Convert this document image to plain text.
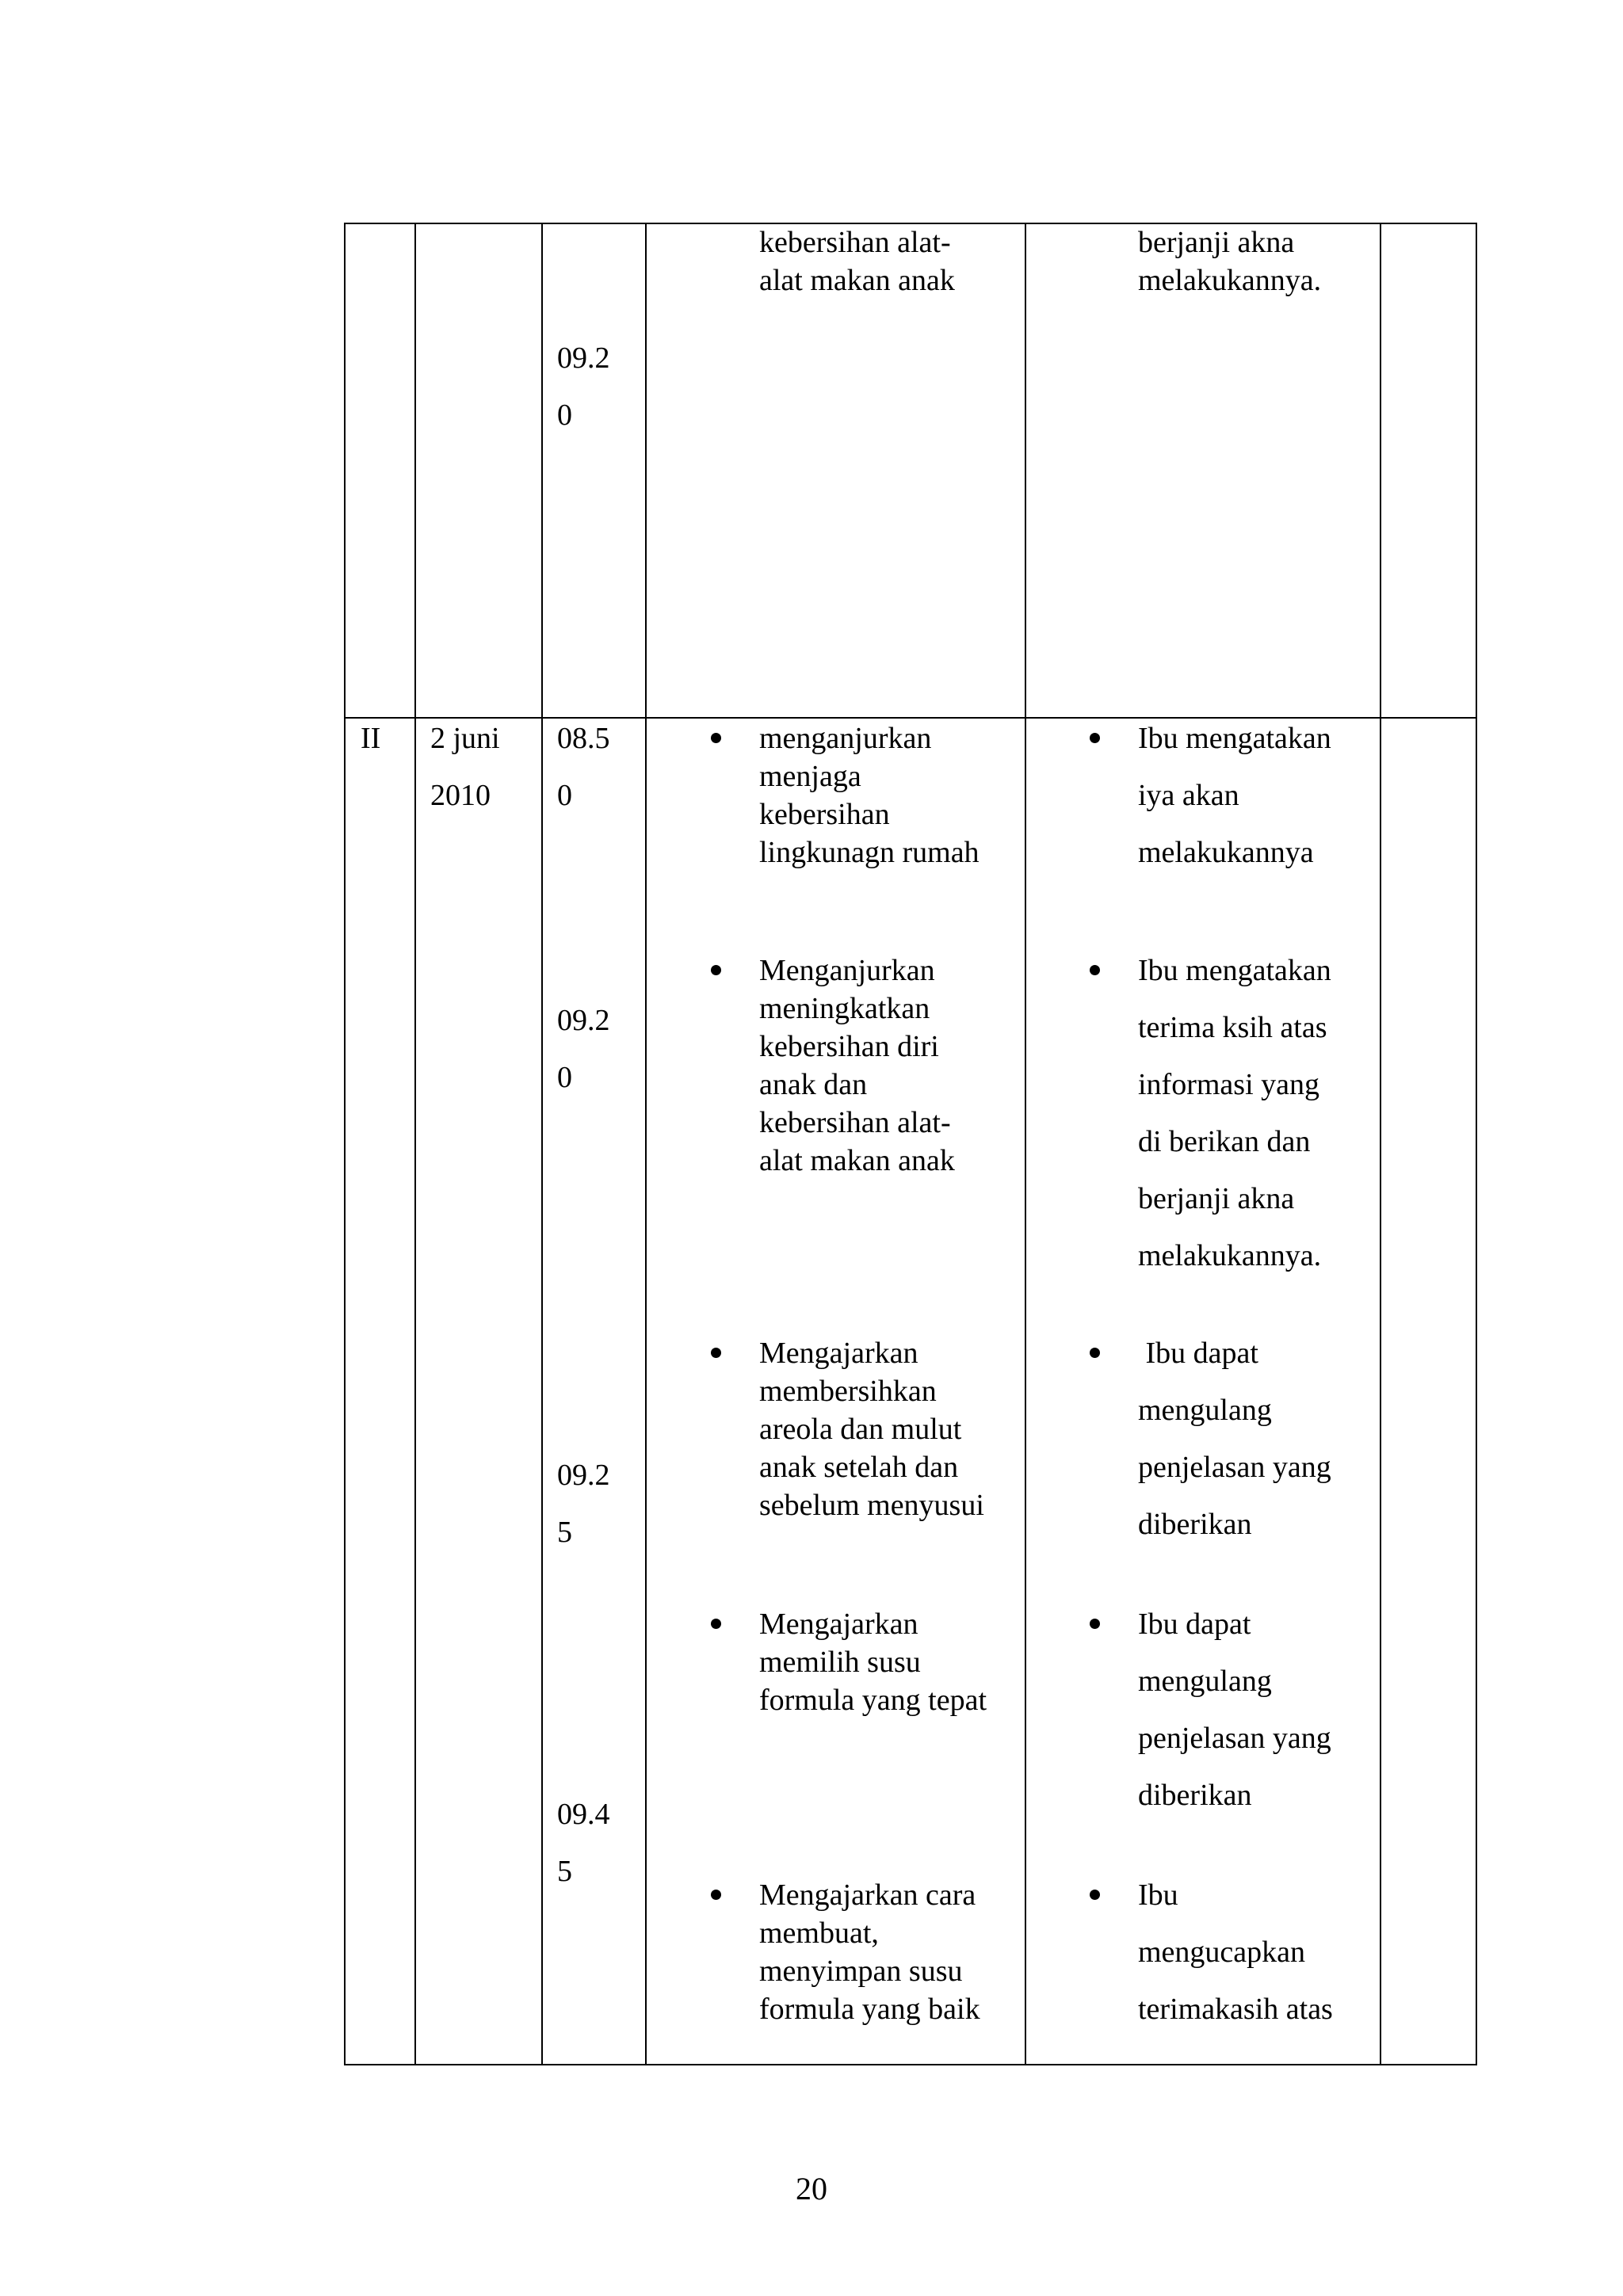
09.2
0
kebersihan alat-
alat makan anak
berjanji akna
melakukannya.
II 2 juni
2010
08.5
0
09.2
0
09.2
5
09.4
5
menganjurkan
menjaga
kebersihan
lingkunagn rumah
Menganjurkan
meningkatkan
kebersihan diri
anak dan
kebersihan alat-
alat makan anak
Mengajarkan
membersihkan
areola dan mulut
anak setelah dan
sebelum menyusui
Mengajarkan
memilih susu
formula yang tepat
Mengajarkan cara
membuat,
menyimpan susu
formula yang baik
Ibu mengatakan
iya akan
melakukannya
Ibu mengatakan
terima ksih atas
informasi yang
di berikan dan
berjanji akna
melakukannya.
Ibu dapat
mengulang
penjelasan yang
diberikan
Ibu dapat
mengulang
penjelasan yang
diberikan
Ibu
mengucapkan
terimakasih atas
20
